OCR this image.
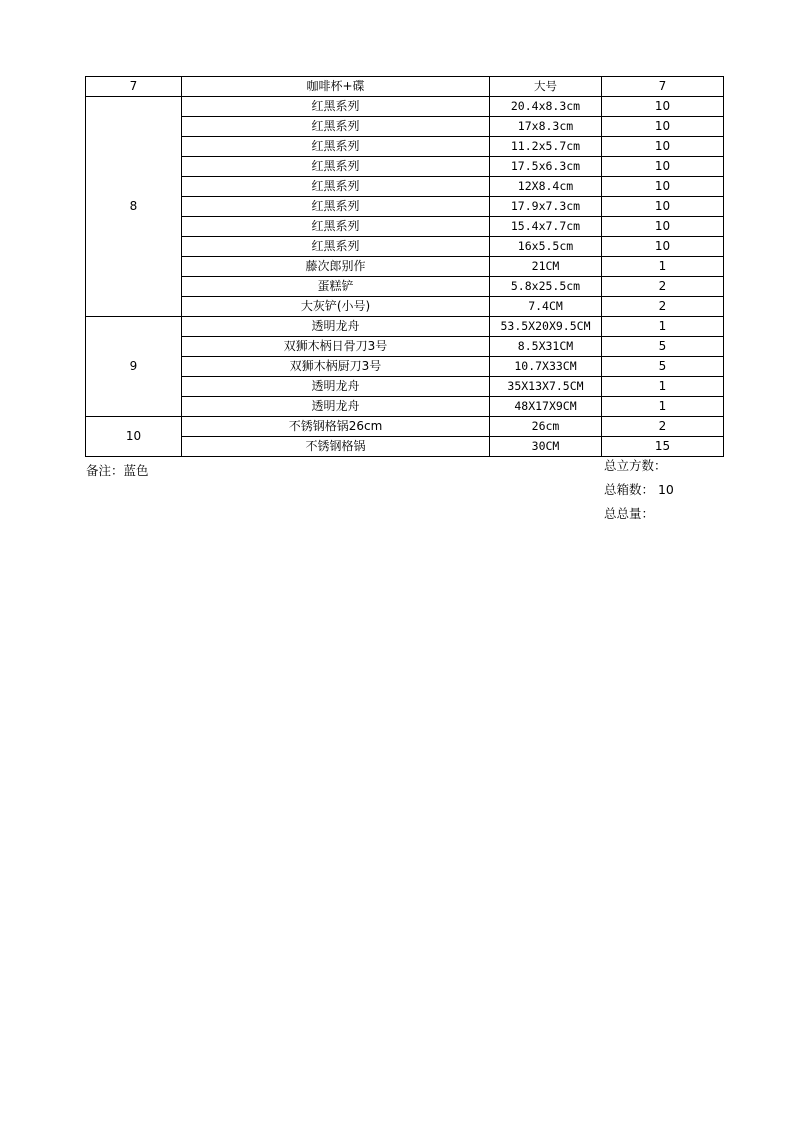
7	咖啡杯+碟	大号	7
8	红黑系列	20.4x8.3cm	10
	红黑系列	17x8.3cm	10
	红黑系列	11.2x5.7cm	10
	红黑系列	17.5x6.3cm	10
	红黑系列	12X8.4cm	10
	红黑系列	17.9x7.3cm	10
	红黑系列	15.4x7.7cm	10
	红黑系列	16x5.5cm	10
	藤次郎别作	21CM	1
	蛋糕铲	5.8x25.5cm	2
	大灰铲(小号)	7.4CM	2
9	透明龙舟	53.5X20X9.5CM	1
	双狮木柄日骨刀3号	8.5X31CM	5
	双狮木柄厨刀3号	10.7X33CM	5
	透明龙舟	35X13X7.5CM	1
	透明龙舟	48X17X9CM	1
10	不锈钢格锅26cm	26cm	2
	不锈钢格锅	30CM	15
备注：蓝色	总立方数：
总箱数： 10
总总量：
